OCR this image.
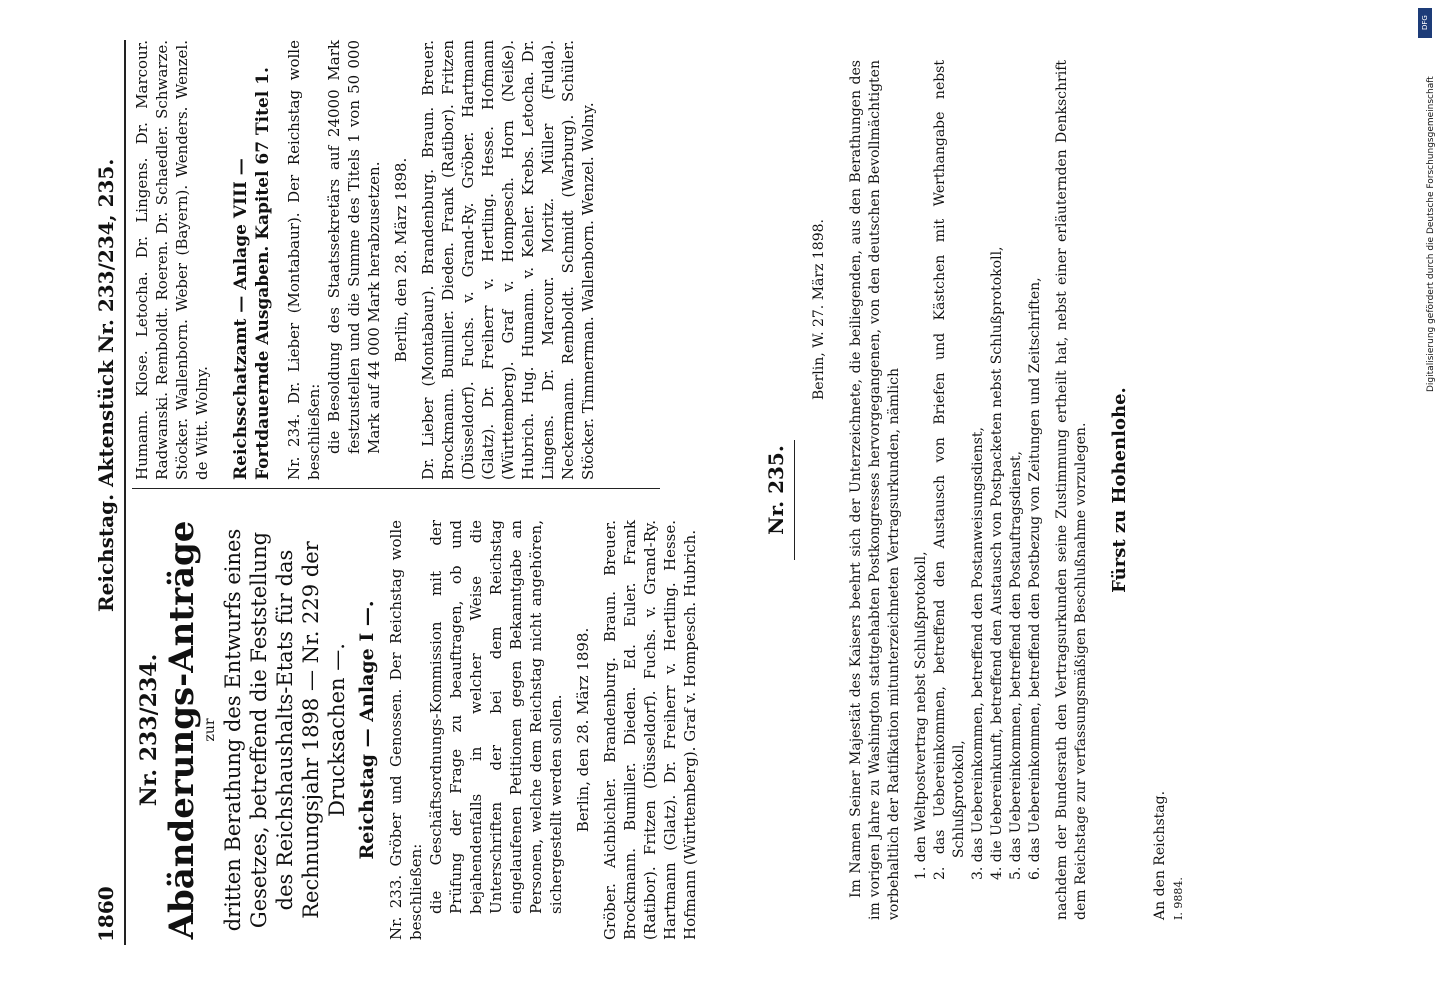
1860
Reichstag. Aktenstück Nr. 233/234, 235.

Nr. 233/234. Abänderungs-Anträge zur dritten Berathung des Entwurfs eines Gesetzes, betreffend die Feststellung des Reichshaushalts-Etats für das Rechnungsjahr 1898 — Nr. 229 der Drucksachen —. Reichstag — Anlage I —. Nr. 233. Gröber und Genossen. Der Reichstag wolle beschließen: die Geschäftsordnungs-Kommission mit der Prüfung der Frage zu beauftragen, ob und bejahendenfalls in welcher Weise die Unterschriften der bei dem Reichstag eingelaufenen Petitionen gegen Bekanntgabe an Personen, welche dem Reichstag nicht angehören, sichergestellt werden sollen. Berlin, den 28. März 1898. Gröber. Aichbichler. Brandenburg. Braun. Breuer. Brockmann. Bumiller. Dieden. Ed. Euler. Frank (Ratibor). Fritzen (Düsseldorf). Fuchs. v. Grand-Ry. Hartmann (Glatz). Dr. Freiherr v. Hertling. Hesse. Hofmann (Württemberg). Graf v. Hompesch. Hubrich.

Humann. Klose. Letocha. Dr. Lingens. Dr. Marcour. Radwanski. Remboldt. Roeren. Dr. Schaedler. Schwarze. Stöcker. Wallenborn. Weber (Bayern). Wenders. Wenzel. de Witt. Wolny. Reichsschatzamt — Anlage VIII — Fortdauernde Ausgaben. Kapitel 67 Titel 1. Nr. 234. Dr. Lieber (Montabaur). Der Reichstag wolle beschließen: die Besoldung des Staatssekretärs auf 24000 Mark festzustellen und die Summe des Titels 1 von 50 000 Mark auf 44 000 Mark herabzusetzen. Berlin, den 28. März 1898. Dr. Lieber (Montabaur). Brandenburg. Braun. Breuer. Brockmann. Bumiller. Dieden. Frank (Ratibor). Fritzen (Düsseldorf). Fuchs. v. Grand-Ry. Gröber. Hartmann (Glatz). Dr. Freiherr v. Hertling. Hesse. Hofmann (Württemberg). Graf v. Hompesch. Horn (Neiße). Hubrich. Hug. Humann. v. Kehler. Krebs. Letocha. Dr. Lingens. Dr. Marcour. Moritz. Müller (Fulda). Neckermann. Remboldt. Schmidt (Warburg). Schüler. Stöcker. Timmerman. Wallenborn. Wenzel. Wolny.

Nr. 235.

Berlin, W. 27. März 1898. Im Namen Seiner Majestät des Kaisers beehrt sich der Unterzeichnete, die beiliegenden, aus den Berathungen des im vorigen Jahre zu Washington stattgehabten Postkongresses hervorgegangenen, von den deutschen Bevollmächtigten vorbehaltlich der Ratifikation mitunterzeichneten Vertragsurkunden, nämlich 1. den Weltpostvertrag nebst Schlußprotokoll, 2. das Uebereinkommen, betreffend den Austausch von Briefen und Kästchen mit Werthangabe nebst Schlußprotokoll, 3. das Uebereinkommen, betreffend den Postanweisungsdienst, 4. die Uebereinkunft, betreffend den Austausch von Postpacketen nebst Schlußprotokoll, 5. das Uebereinkommen, betreffend den Postauftragsdienst, 6. das Uebereinkommen, betreffend den Postbezug von Zeitungen und Zeitschriften, nachdem der Bundesrath den Vertragsurkunden seine Zustimmung ertheilt hat, nebst einer erläuternden Denkschrift dem Reichstage zur verfassungsmäßigen Beschlußnahme vorzulegen. Fürst zu Hohenlohe.

An den Reichstag. I. 9884.

Digitalisierung gefördert durch die Deutsche Forschungsgemeinschaft
DFG
